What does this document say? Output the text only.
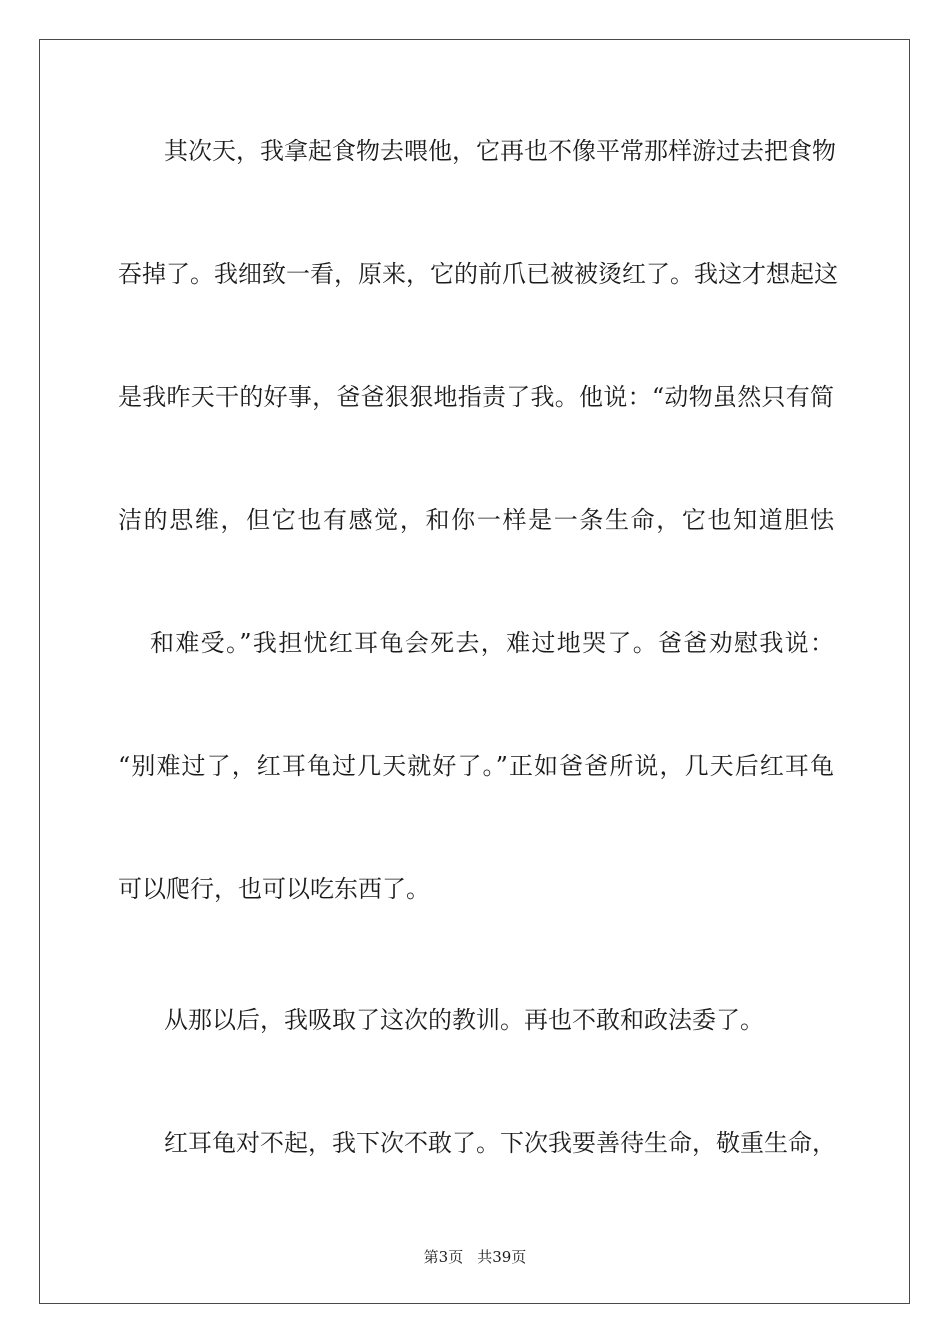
其次天，我拿起食物去喂他，它再也不像平常那样游过去把食物

吞掉了。我细致一看，原来，它的前爪已被被烫红了。我这才想起这

是我昨天干的好事，爸爸狠狠地指责了我。他说：“动物虽然只有简

洁的思维，但它也有感觉，和你一样是一条生命，它也知道胆怯

和难受。”我担忧红耳龟会死去，难过地哭了。爸爸劝慰我说：

“别难过了，红耳龟过几天就好了。”正如爸爸所说，几天后红耳龟

可以爬行，也可以吃东西了。

从那以后，我吸取了这次的教训。再也不敢和政法委了。

红耳龟对不起，我下次不敢了。下次我要善待生命，敬重生命，

第3页 共39页
